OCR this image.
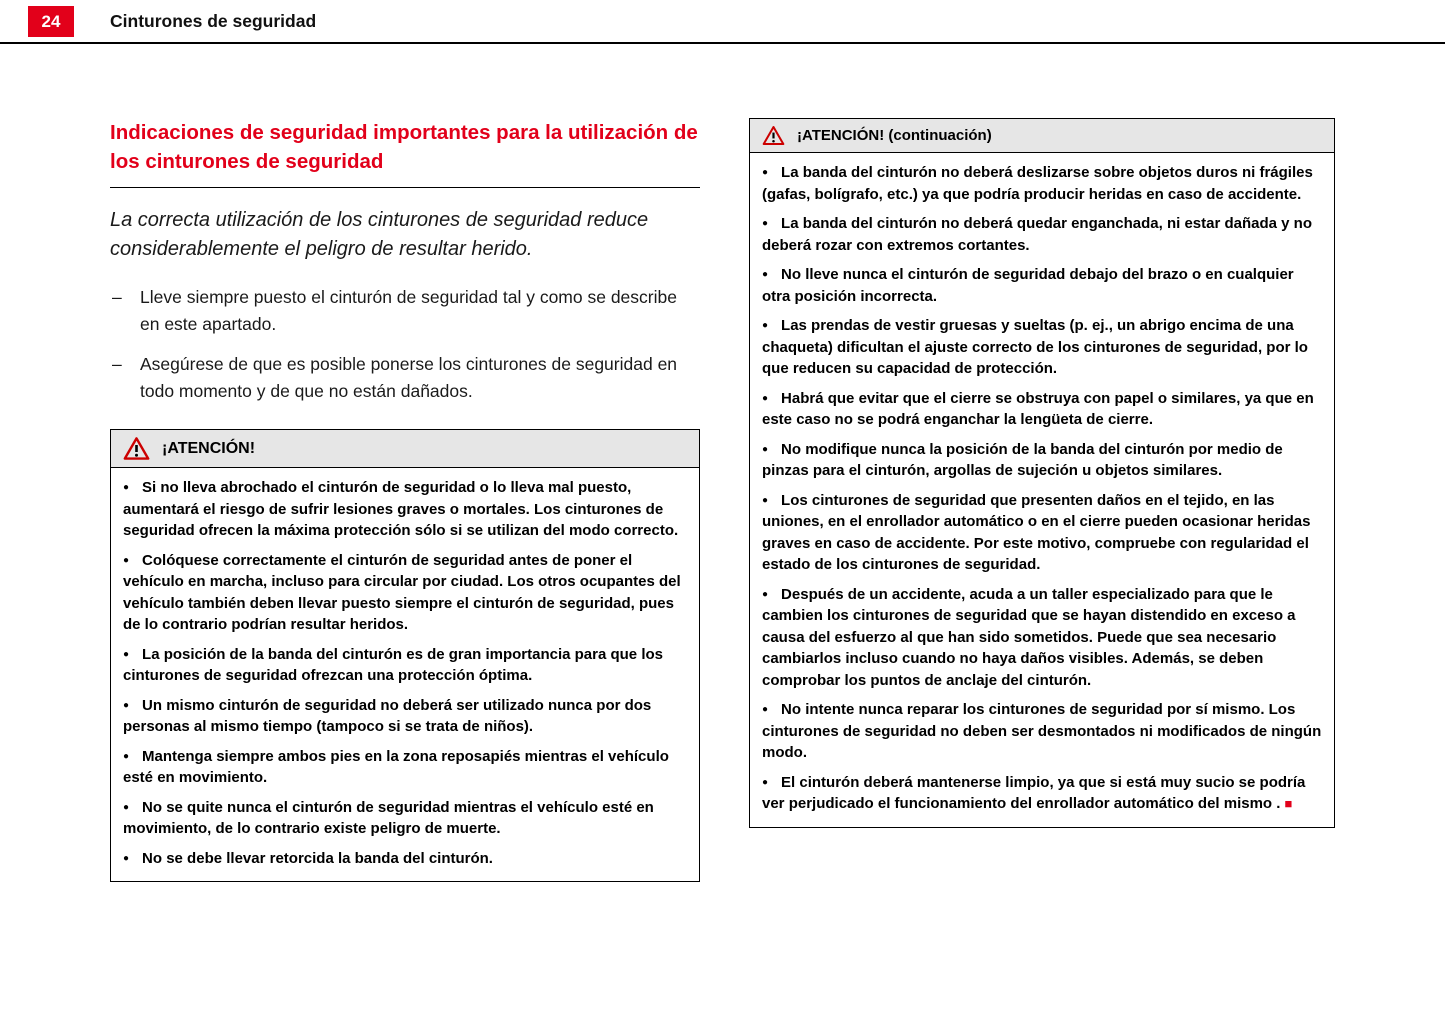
24	Cinturones de seguridad
Indicaciones de seguridad importantes para la utilización de los cinturones de seguridad
La correcta utilización de los cinturones de seguridad reduce considerablemente el peligro de resultar herido.
– Lleve siempre puesto el cinturón de seguridad tal y como se describe en este apartado.
– Asegúrese de que es posible ponerse los cinturones de seguridad en todo momento y de que no están dañados.
¡ATENCIÓN!

● Si no lleva abrochado el cinturón de seguridad o lo lleva mal puesto, aumentará el riesgo de sufrir lesiones graves o mortales. Los cinturones de seguridad ofrecen la máxima protección sólo si se utilizan del modo correcto.

● Colóquese correctamente el cinturón de seguridad antes de poner el vehículo en marcha, incluso para circular por ciudad. Los otros ocupantes del vehículo también deben llevar puesto siempre el cinturón de seguridad, pues de lo contrario podrían resultar heridos.

● La posición de la banda del cinturón es de gran importancia para que los cinturones de seguridad ofrezcan una protección óptima.

● Un mismo cinturón de seguridad no deberá ser utilizado nunca por dos personas al mismo tiempo (tampoco si se trata de niños).

● Mantenga siempre ambos pies en la zona reposapiés mientras el vehículo esté en movimiento.

● No se quite nunca el cinturón de seguridad mientras el vehículo esté en movimiento, de lo contrario existe peligro de muerte.

● No se debe llevar retorcida la banda del cinturón.

¡ATENCIÓN! (continuación)

● La banda del cinturón no deberá deslizarse sobre objetos duros ni frágiles (gafas, bolígrafo, etc.) ya que podría producir heridas en caso de accidente.

● La banda del cinturón no deberá quedar enganchada, ni estar dañada y no deberá rozar con extremos cortantes.

● No lleve nunca el cinturón de seguridad debajo del brazo o en cualquier otra posición incorrecta.

● Las prendas de vestir gruesas y sueltas (p. ej., un abrigo encima de una chaqueta) dificultan el ajuste correcto de los cinturones de seguridad, por lo que reducen su capacidad de protección.

● Habrá que evitar que el cierre se obstruya con papel o similares, ya que en este caso no se podrá enganchar la lengüeta de cierre.

● No modifique nunca la posición de la banda del cinturón por medio de pinzas para el cinturón, argollas de sujeción u objetos similares.

● Los cinturones de seguridad que presenten daños en el tejido, en las uniones, en el enrollador automático o en el cierre pueden ocasionar heridas graves en caso de accidente. Por este motivo, compruebe con regularidad el estado de los cinturones de seguridad.

● Después de un accidente, acuda a un taller especializado para que le cambien los cinturones de seguridad que se hayan distendido en exceso a causa del esfuerzo al que han sido sometidos. Puede que sea necesario cambiarlos incluso cuando no haya daños visibles. Además, se deben comprobar los puntos de anclaje del cinturón.

● No intente nunca reparar los cinturones de seguridad por sí mismo. Los cinturones de seguridad no deben ser desmontados ni modificados de ningún modo.

● El cinturón deberá mantenerse limpio, ya que si está muy sucio se podría ver perjudicado el funcionamiento del enrollador automático del mismo . ■
